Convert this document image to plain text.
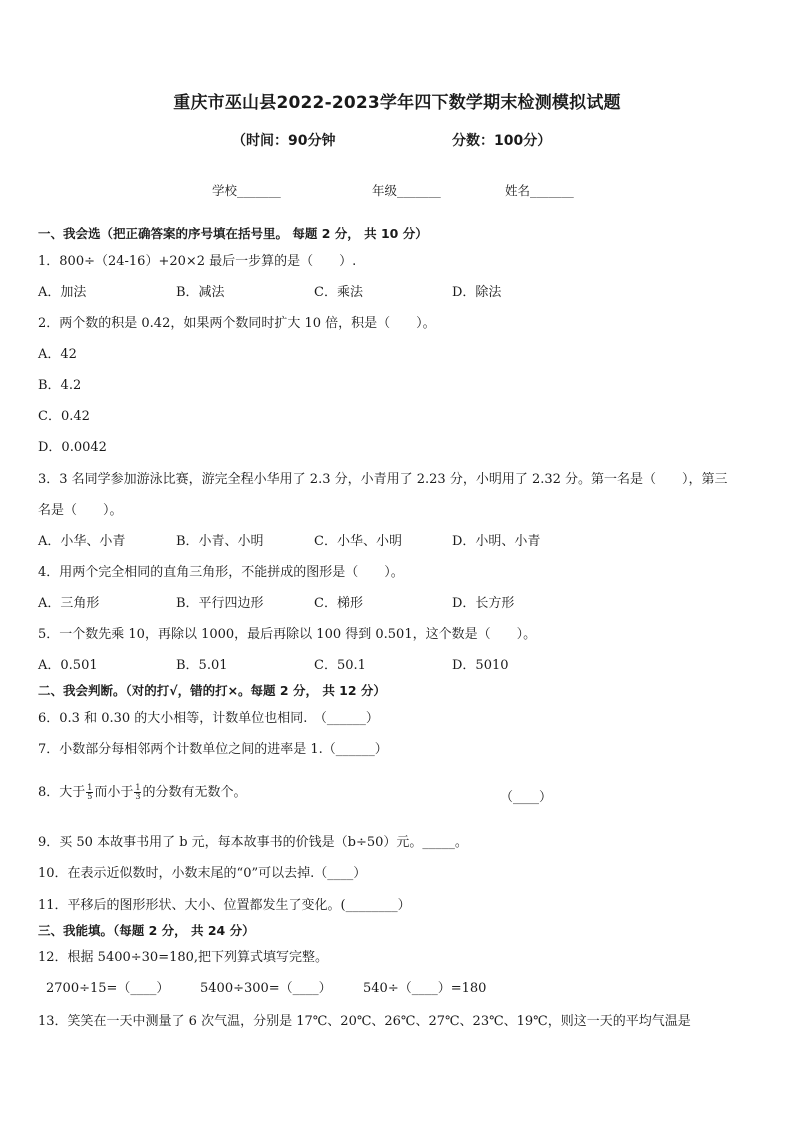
重庆市巫山县2022-2023学年四下数学期末检测模拟试题
（时间：90分钟	分数：100分）
学校_______	年级_______	姓名_______
一、我会选（把正确答案的序号填在括号里。 每题 2 分， 共 10 分）
1．800÷（24-16）+20×2 最后一步算的是（　　）.
A．加法	B．减法	C．乘法	D．除法
2．两个数的积是 0.42，如果两个数同时扩大 10 倍，积是（　　）。
A．42
B．4.2
C．0.42
D．0.0042
3．3 名同学参加游泳比赛，游完全程小华用了 2.3 分，小青用了 2.23 分，小明用了 2.32 分。第一名是（　　），第三
名是（　　）。
A．小华、小青	B．小青、小明	C．小华、小明	D．小明、小青
4．用两个完全相同的直角三角形，不能拼成的图形是（　　）。
A．三角形	B．平行四边形	C．梯形	D．长方形
5．一个数先乘 10，再除以 1000，最后再除以 100 得到 0.501，这个数是（　　）。
A．0.501	B．5.01	C．50.1	D．5010
二、我会判断。（对的打√，错的打×。每题 2 分， 共 12 分）
6．0.3 和 0.30 的大小相等，计数单位也相同.　（______）
7．小数部分每相邻两个计数单位之间的进率是 1.（______）
8．大于 $\frac{1}{5}$ 而小于 $\frac{1}{3}$ 的分数有无数个。	（____）
9．买 50 本故事书用了 b 元，每本故事书的价钱是（b÷50）元。_____。
10．在表示近似数时，小数末尾的“0”可以去掉.（____）
11．平移后的图形形状、大小、位置都发生了变化。(________）
三、我能填。（每题 2 分， 共 24 分）
12．根据 5400÷30=180,把下列算式填写完整。
2700÷15=（____） 5400÷300=（____） 540÷（____）=180
13．笑笑在一天中测量了 6 次气温，分别是 17℃、20℃、26℃、27℃、23℃、19℃，则这一天的平均气温是
